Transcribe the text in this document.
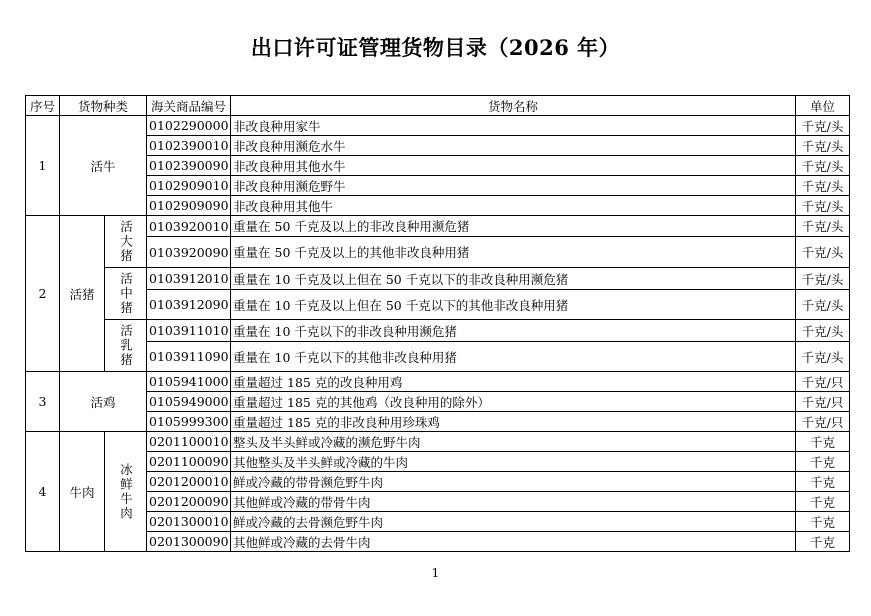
出口许可证管理货物目录（2026 年）
序号	货物种类		海关商品编号	货物名称	单位
1	活牛		0102290000	非改良种用家牛	千克/头
			0102390010	非改良种用濒危水牛	千克/头
			0102390090	非改良种用其他水牛	千克/头
			0102909010	非改良种用濒危野牛	千克/头
			0102909090	非改良种用其他牛	千克/头
2	活猪	活大猪	0103920010	重量在 50 千克及以上的非改良种用濒危猪	千克/头
			0103920090	重量在 50 千克及以上的其他非改良种用猪	千克/头
		活中猪	0103912010	重量在 10 千克及以上但在 50 千克以下的非改良种用濒危猪	千克/头
			0103912090	重量在 10 千克及以上但在 50 千克以下的其他非改良种用猪	千克/头
		活乳猪	0103911010	重量在 10 千克以下的非改良种用濒危猪	千克/头
			0103911090	重量在 10 千克以下的其他非改良种用猪	千克/头
3	活鸡		0105941000	重量超过 185 克的改良种用鸡	千克/只
			0105949000	重量超过 185 克的其他鸡（改良种用的除外）	千克/只
			0105999300	重量超过 185 克的非改良种用珍珠鸡	千克/只
4	牛肉	冰鲜牛肉	0201100010	整头及半头鲜或冷藏的濒危野牛肉	千克
			0201100090	其他整头及半头鲜或冷藏的牛肉	千克
			0201200010	鲜或冷藏的带骨濒危野牛肉	千克
			0201200090	其他鲜或冷藏的带骨牛肉	千克
			0201300010	鲜或冷藏的去骨濒危野牛肉	千克
			0201300090	其他鲜或冷藏的去骨牛肉	千克
1
